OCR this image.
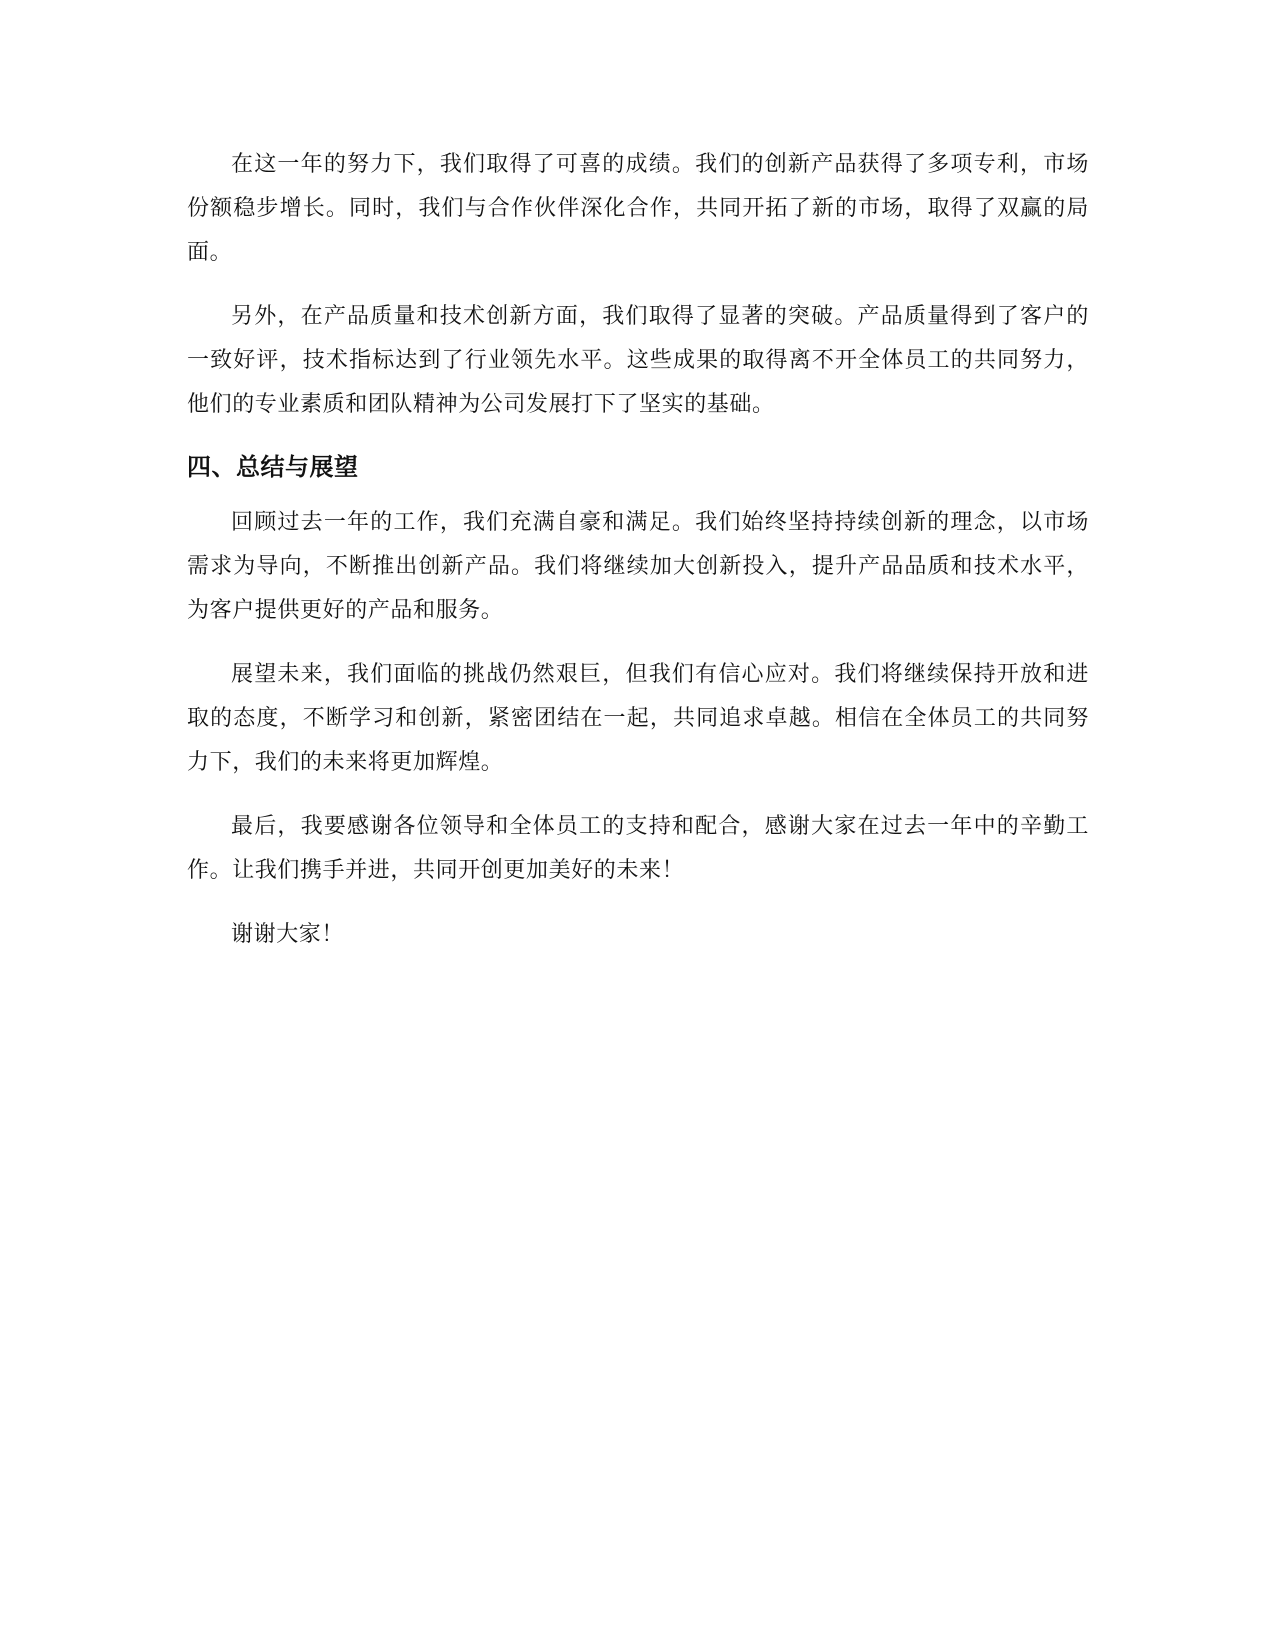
在这一年的努力下，我们取得了可喜的成绩。我们的创新产品获得了多项专利，市场份额稳步增长。同时，我们与合作伙伴深化合作，共同开拓了新的市场，取得了双赢的局面。

另外，在产品质量和技术创新方面，我们取得了显著的突破。产品质量得到了客户的一致好评，技术指标达到了行业领先水平。这些成果的取得离不开全体员工的共同努力，他们的专业素质和团队精神为公司发展打下了坚实的基础。

四、总结与展望

回顾过去一年的工作，我们充满自豪和满足。我们始终坚持持续创新的理念，以市场需求为导向，不断推出创新产品。我们将继续加大创新投入，提升产品品质和技术水平，为客户提供更好的产品和服务。

展望未来，我们面临的挑战仍然艰巨，但我们有信心应对。我们将继续保持开放和进取的态度，不断学习和创新，紧密团结在一起，共同追求卓越。相信在全体员工的共同努力下，我们的未来将更加辉煌。

最后，我要感谢各位领导和全体员工的支持和配合，感谢大家在过去一年中的辛勤工作。让我们携手并进，共同开创更加美好的未来！

谢谢大家！
